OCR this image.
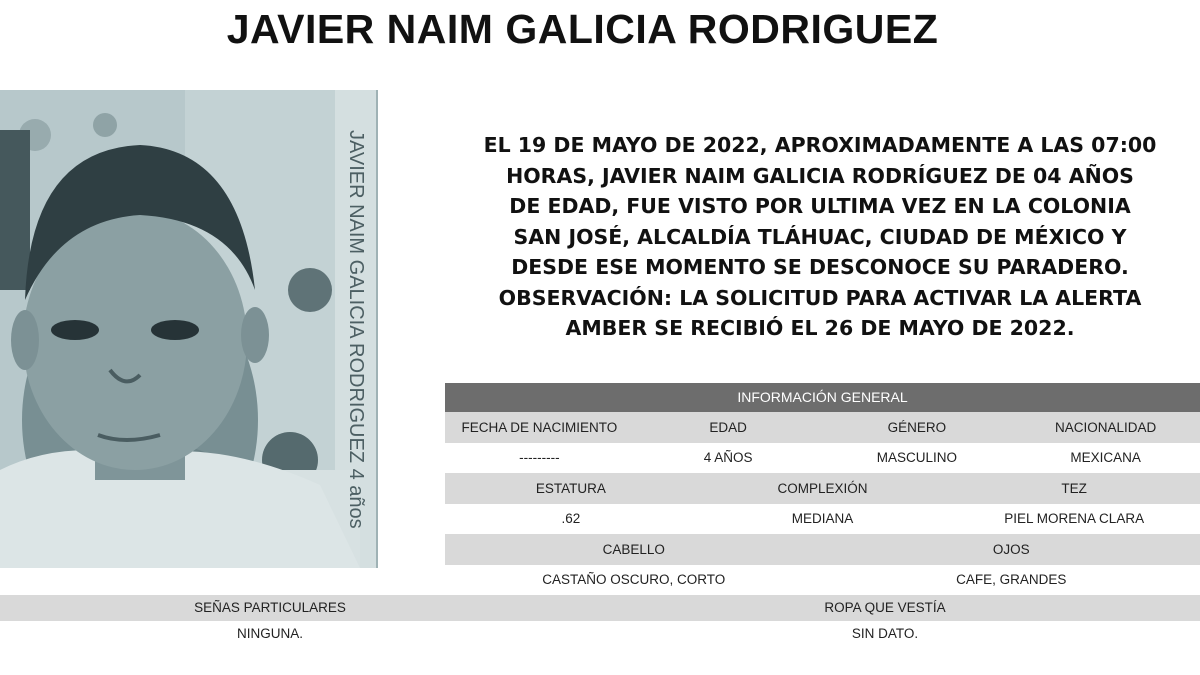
JAVIER NAIM GALICIA RODRIGUEZ
JAVIER NAIM GALICIA RODRIGUEZ 4 años	EL 19 DE MAYO DE 2022, APROXIMADAMENTE A LAS 07:00
HORAS, JAVIER NAIM GALICIA RODRÍGUEZ DE 04 AÑOS
DE EDAD, FUE VISTO POR ULTIMA VEZ EN LA COLONIA
SAN JOSÉ, ALCALDÍA TLÁHUAC, CIUDAD DE MÉXICO Y
DESDE ESE MOMENTO SE DESCONOCE SU PARADERO.
OBSERVACIÓN: LA SOLICITUD PARA ACTIVAR LA ALERTA
AMBER SE RECIBIÓ EL 26 DE MAYO DE 2022.
INFORMACIÓN GENERAL
FECHA DE NACIMIENTO	EDAD	GÉNERO	NACIONALIDAD
---------	4 AÑOS	MASCULINO	MEXICANA
ESTATURA	COMPLEXIÓN	TEZ
.62	MEDIANA	PIEL MORENA CLARA
CABELLO	OJOS
CASTAÑO OSCURO, CORTO	CAFE, GRANDES
SEÑAS PARTICULARES	ROPA QUE VESTÍA
NINGUNA.	SIN DATO.
